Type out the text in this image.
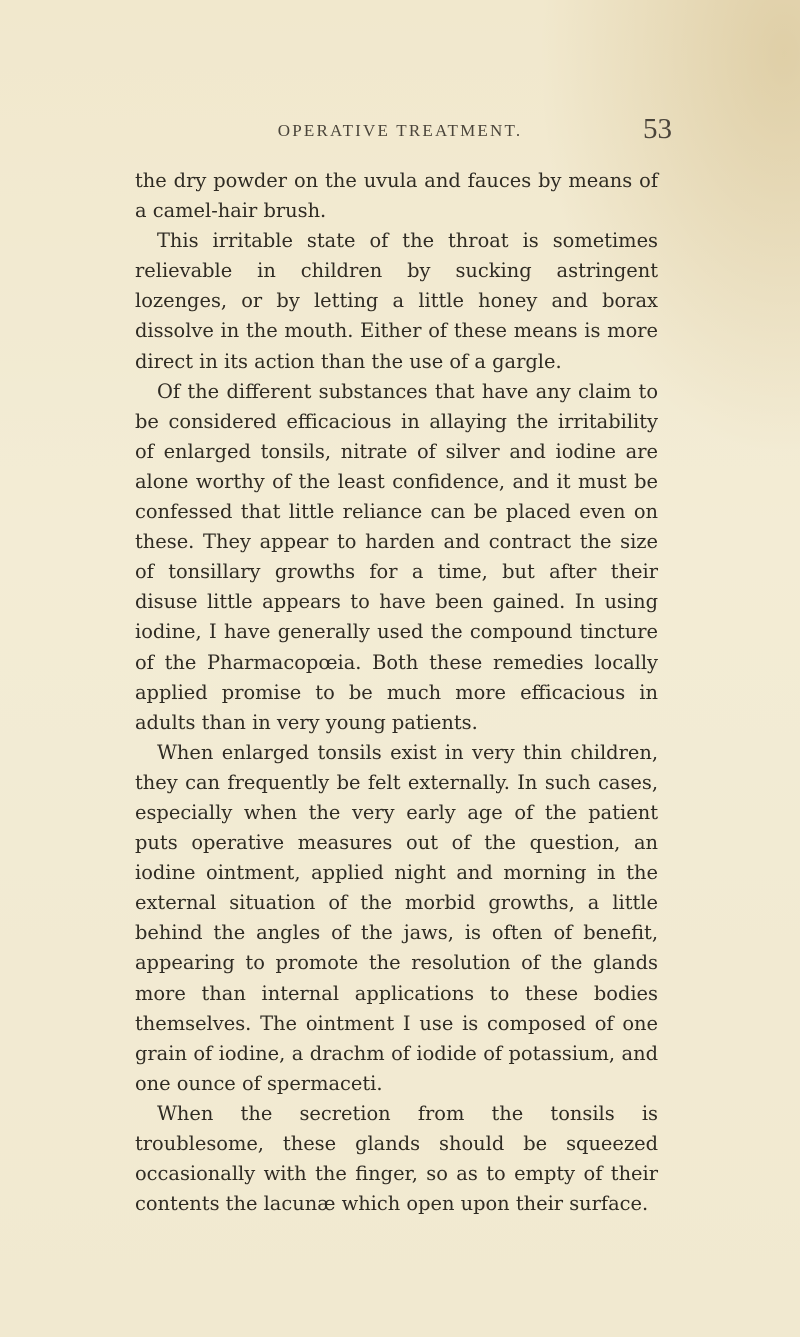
OPERATIVE TREATMENT.	53

the dry powder on the uvula and fauces by means of a camel-hair brush.

This irritable state of the throat is sometimes relievable in children by sucking astringent lozenges, or by letting a little honey and borax dissolve in the mouth. Either of these means is more direct in its action than the use of a gargle.

Of the different substances that have any claim to be considered efficacious in allaying the irritability of enlarged tonsils, nitrate of silver and iodine are alone worthy of the least confidence, and it must be confessed that little reliance can be placed even on these. They appear to harden and contract the size of tonsillary growths for a time, but after their disuse little appears to have been gained. In using iodine, I have generally used the compound tincture of the Pharmacopœia. Both these remedies locally applied promise to be much more efficacious in adults than in very young patients.

When enlarged tonsils exist in very thin children, they can frequently be felt externally. In such cases, especially when the very early age of the patient puts operative measures out of the question, an iodine ointment, applied night and morning in the external situation of the morbid growths, a little behind the angles of the jaws, is often of benefit, appearing to promote the resolution of the glands more than internal applications to these bodies themselves. The ointment I use is composed of one grain of iodine, a drachm of iodide of potassium, and one ounce of spermaceti.

When the secretion from the tonsils is troublesome, these glands should be squeezed occasionally with the finger, so as to empty of their contents the lacunæ which open upon their surface.
